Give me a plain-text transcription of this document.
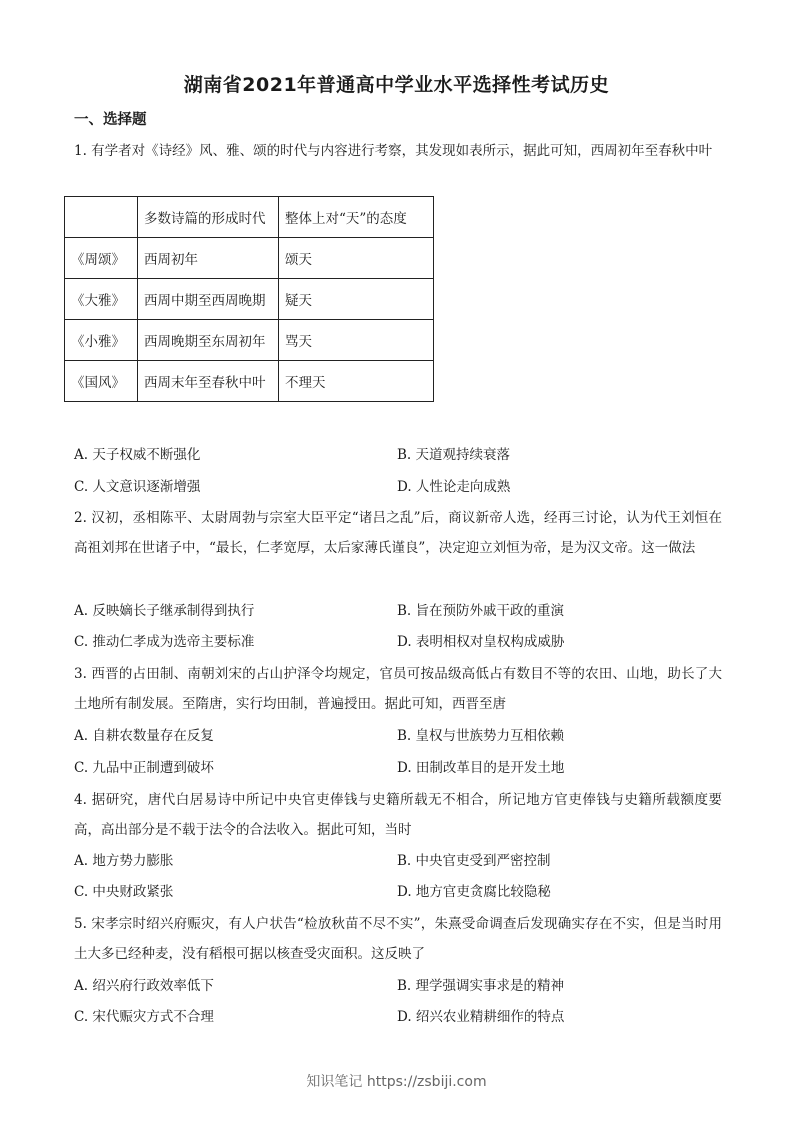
湖南省2021年普通高中学业水平选择性考试历史
一、选择题
1. 有学者对《诗经》风、雅、颂的时代与内容进行考察，其发现如表所示，据此可知，西周初年至春秋中叶
	多数诗篇的形成时代	整体上对“天”的态度
《周颂》	西周初年	颂天
《大雅》	西周中期至西周晚期	疑天
《小雅》	西周晚期至东周初年	骂天
《国风》	西周末年至春秋中叶	不理天
A. 天子权威不断强化	B. 天道观持续衰落
C. 人文意识逐渐增强	D. 人性论走向成熟
2. 汉初，丞相陈平、太尉周勃与宗室大臣平定“诸吕之乱”后，商议新帝人选，经再三讨论，认为代王刘恒在高祖刘邦在世诸子中，“最长，仁孝宽厚，太后家薄氏谨良”，决定迎立刘恒为帝，是为汉文帝。这一做法
A. 反映嫡长子继承制得到执行	B. 旨在预防外戚干政的重演
C. 推动仁孝成为选帝主要标准	D. 表明相权对皇权构成威胁
3. 西晋的占田制、南朝刘宋的占山护泽令均规定，官员可按品级高低占有数目不等的农田、山地，助长了大土地所有制发展。至隋唐，实行均田制，普遍授田。据此可知，西晋至唐
A. 自耕农数量存在反复	B. 皇权与世族势力互相依赖
C. 九品中正制遭到破坏	D. 田制改革目的是开发土地
4. 据研究，唐代白居易诗中所记中央官吏俸钱与史籍所载无不相合，所记地方官吏俸钱与史籍所载额度要高，高出部分是不载于法令的合法收入。据此可知，当时
A. 地方势力膨胀	B. 中央官吏受到严密控制
C. 中央财政紧张	D. 地方官吏贪腐比较隐秘
5. 宋孝宗时绍兴府赈灾，有人户状告“检放秋苗不尽不实”，朱熹受命调查后发现确实存在不实，但是当时用土大多已经种麦，没有稻根可据以核查受灾面积。这反映了
A. 绍兴府行政效率低下	B. 理学强调实事求是的精神
C. 宋代赈灾方式不合理	D. 绍兴农业精耕细作的特点
知识笔记 https://zsbiji.com
